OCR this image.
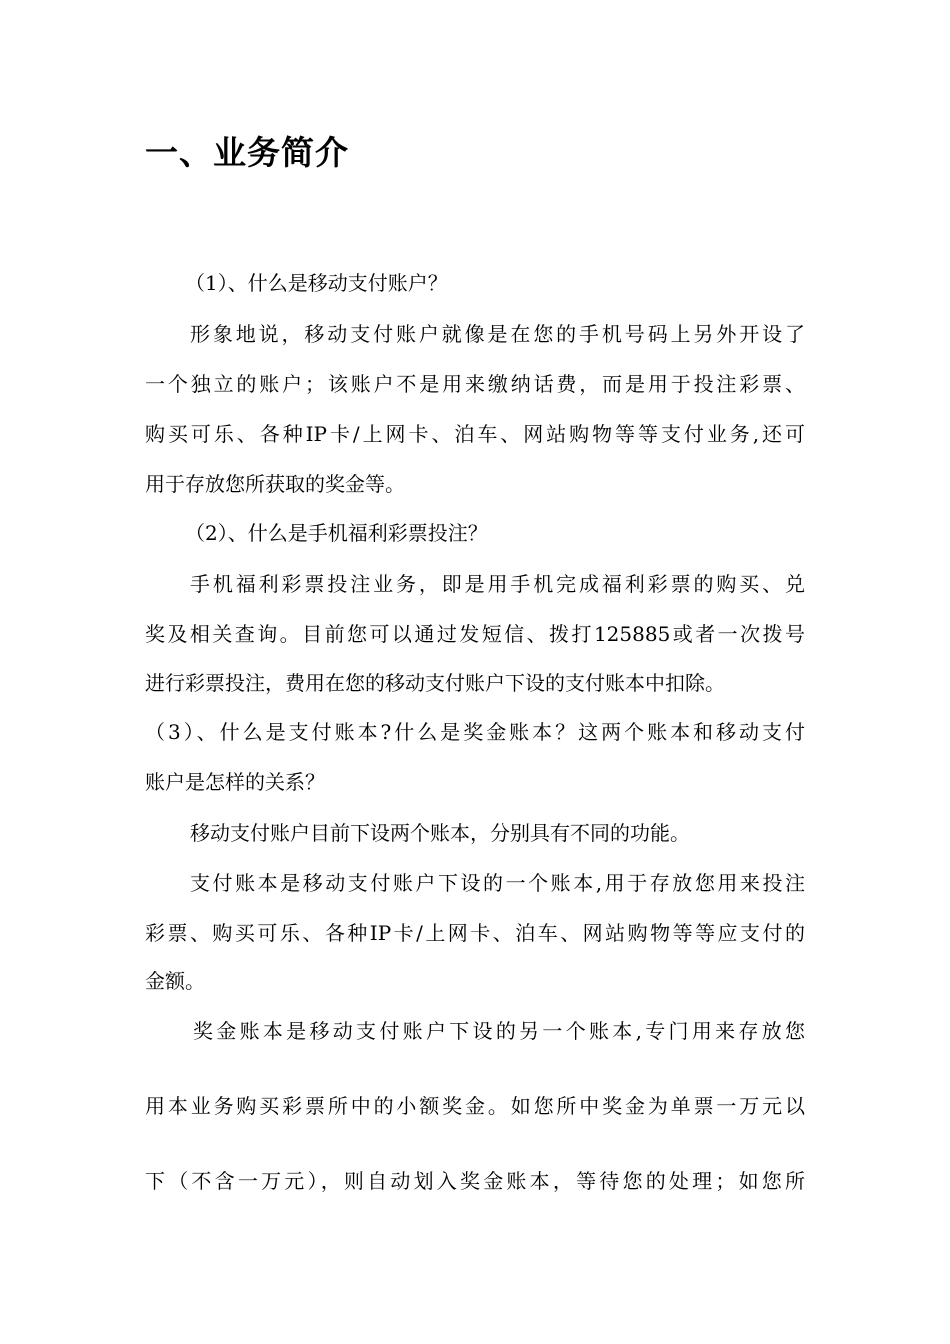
一、业务简介
（1）、什么是移动支付账户？
形象地说，移动支付账户就像是在您的手机号码上另外开设了
一个独立的账户；该账户不是用来缴纳话费，而是用于投注彩票、
购买可乐、各种IP卡/上网卡、泊车、网站购物等等支付业务,还可
用于存放您所获取的奖金等。
（2）、什么是手机福利彩票投注？
手机福利彩票投注业务，即是用手机完成福利彩票的购买、兑
奖及相关查询。目前您可以通过发短信、拨打125885或者一次拨号
进行彩票投注，费用在您的移动支付账户下设的支付账本中扣除。
（3）、什么是支付账本?什么是奖金账本？这两个账本和移动支付
账户是怎样的关系？
移动支付账户目前下设两个账本，分别具有不同的功能。
支付账本是移动支付账户下设的一个账本,用于存放您用来投注
彩票、购买可乐、各种IP卡/上网卡、泊车、网站购物等等应支付的
金额。
奖金账本是移动支付账户下设的另一个账本,专门用来存放您
用本业务购买彩票所中的小额奖金。如您所中奖金为单票一万元以
下（不含一万元），则自动划入奖金账本，等待您的处理；如您所
